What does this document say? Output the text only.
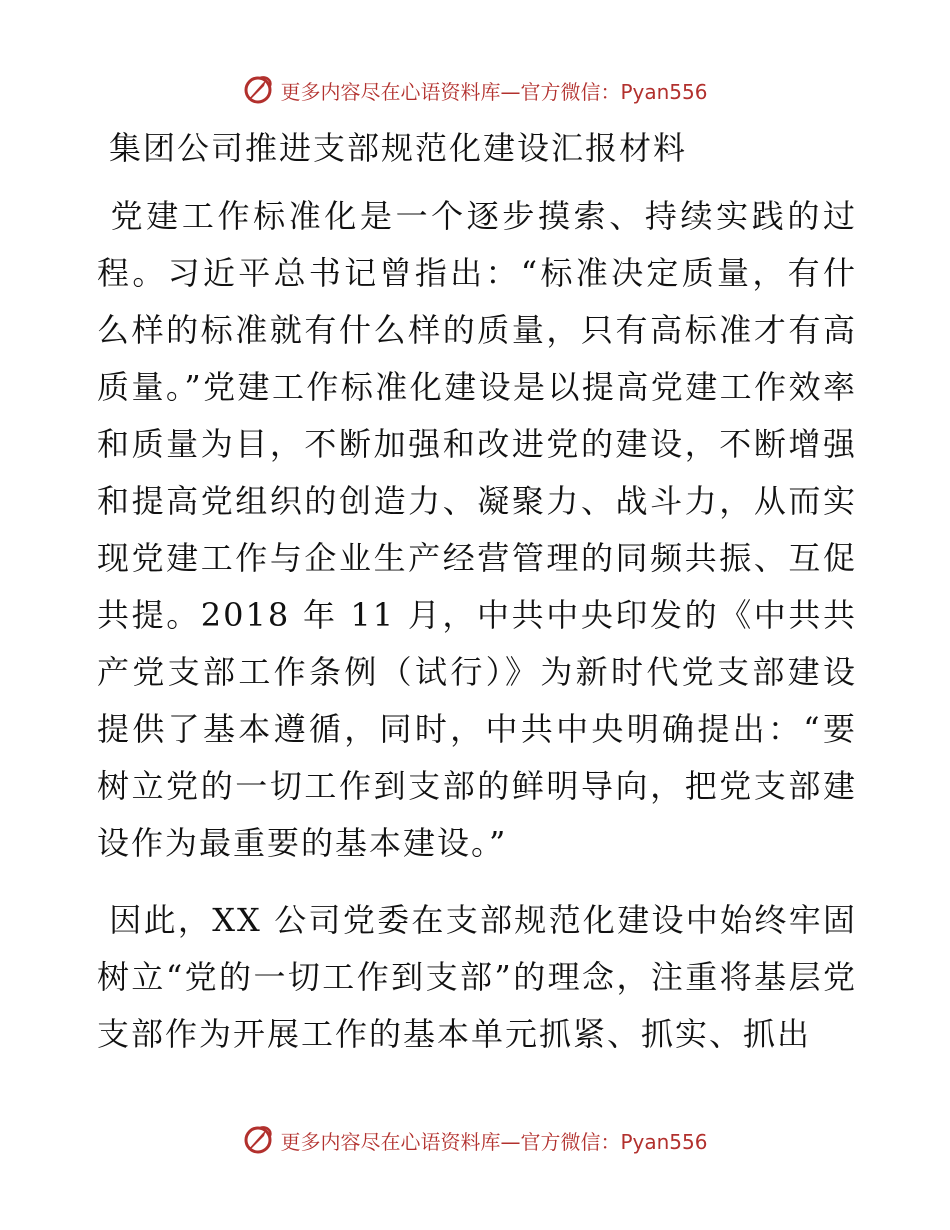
更多内容尽在心语资料库—官方微信：Pyan556
集团公司推进支部规范化建设汇报材料

党建工作标准化是一个逐步摸索、持续实践的过程。习近平总书记曾指出：“标准决定质量，有什么样的标准就有什么样的质量，只有高标准才有高质量。”党建工作标准化建设是以提高党建工作效率和质量为目，不断加强和改进党的建设，不断增强和提高党组织的创造力、凝聚力、战斗力，从而实现党建工作与企业生产经营管理的同频共振、互促共提。2018 年 11 月，中共中央印发的《中共共产党支部工作条例（试行）》为新时代党支部建设提供了基本遵循，同时，中共中央明确提出：“要树立党的一切工作到支部的鲜明导向，把党支部建设作为最重要的基本建设。”

因此，XX 公司党委在支部规范化建设中始终牢固树立“党的一切工作到支部”的理念，注重将基层党支部作为开展工作的基本单元抓紧、抓实、抓出

更多内容尽在心语资料库—官方微信：Pyan556
